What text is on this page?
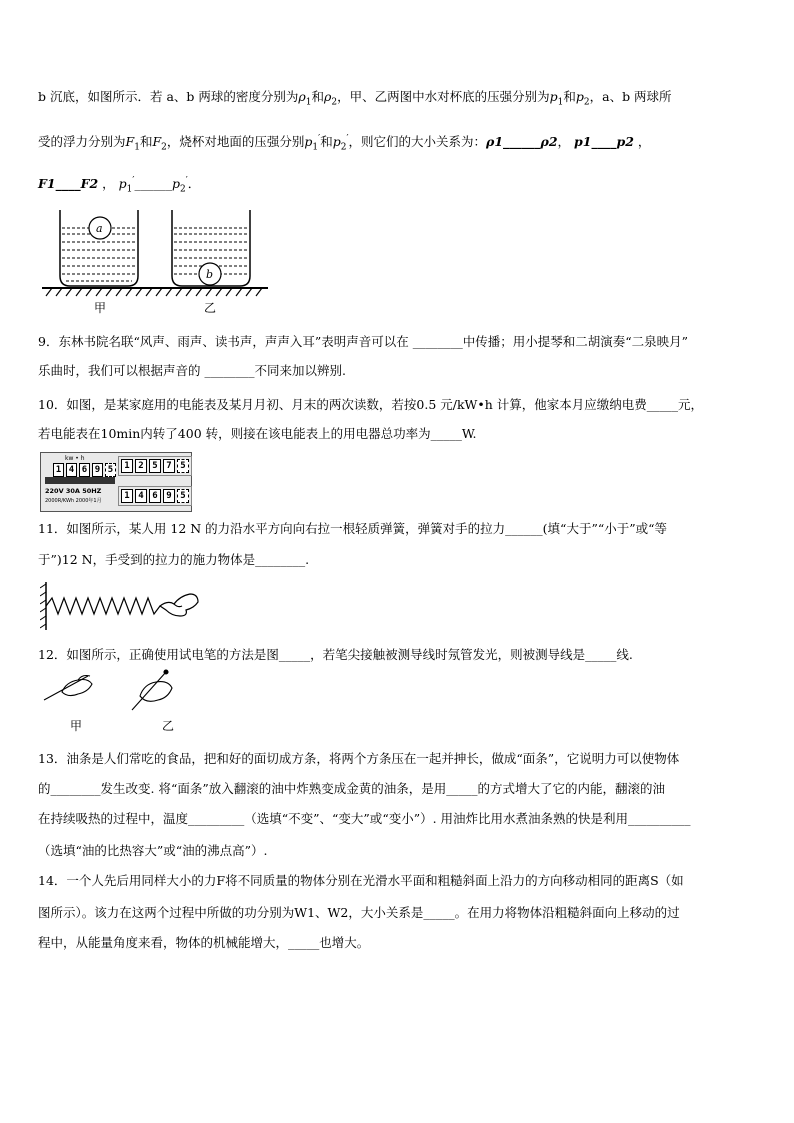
b 沉底，如图所示．若 a、b 两球的密度分别为$\rho_1$和$\rho_2$，甲、乙两图中水对杯底的压强分别为$p_1$和$p_2$，a、b 两球所
受的浮力分别为$F_1$和$F_2$，烧杯对地面的压强分别$p_1'$和$p_2'$，则它们的大小关系为：ρ1______ρ2， p1____p2 ，
F1____F2 ， $p_1'\_\_\_\_\_\_p_2'$．
a
b
甲	乙
9．东林书院名联“风声、雨声、读书声，声声入耳”表明声音可以在 ________中传播；用小提琴和二胡演奏“二泉映月”
乐曲时，我们可以根据声音的 ________不同来加以辨别.
10．如图，是某家庭用的电能表及某月月初、月末的两次读数，若按0.5 元/kW•h 计算，他家本月应缴纳电费_____元，
若电能表在10min内转了400 转，则接在该电能表上的用电器总功率为_____W.
kw • h
1 4 6 9 5
220V 30A 50HZ
2000R/KWh 2000年1月
1 2 5 7 5
1 4 6 9 5
11．如图所示，某人用 12 N 的力沿水平方向向右拉一根轻质弹簧，弹簧对手的拉力______(填“大于”“小于”或“等
于”)12 N，手受到的拉力的施力物体是________.
12．如图所示，正确使用试电笔的方法是图_____，若笔尖接触被测导线时氖管发光，则被测导线是_____线.
甲	乙
13．油条是人们常吃的食品，把和好的面切成方条，将两个方条压在一起并抻长，做成“面条”，它说明力可以使物体
的________发生改变. 将“面条”放入翻滚的油中炸熟变成金黄的油条，是用_____的方式增大了它的内能，翻滚的油
在持续吸热的过程中，温度_________（选填“不变”、“变大”或“变小”）. 用油炸比用水煮油条熟的快是利用__________
（选填“油的比热容大”或“油的沸点高”）.
14．一个人先后用同样大小的力F将不同质量的物体分别在光滑水平面和粗糙斜面上沿力的方向移动相同的距离S（如
图所示）。该力在这两个过程中所做的功分别为W1、W2，大小关系是_____。在用力将物体沿粗糙斜面向上移动的过
程中，从能量角度来看，物体的机械能增大，_____也增大。
